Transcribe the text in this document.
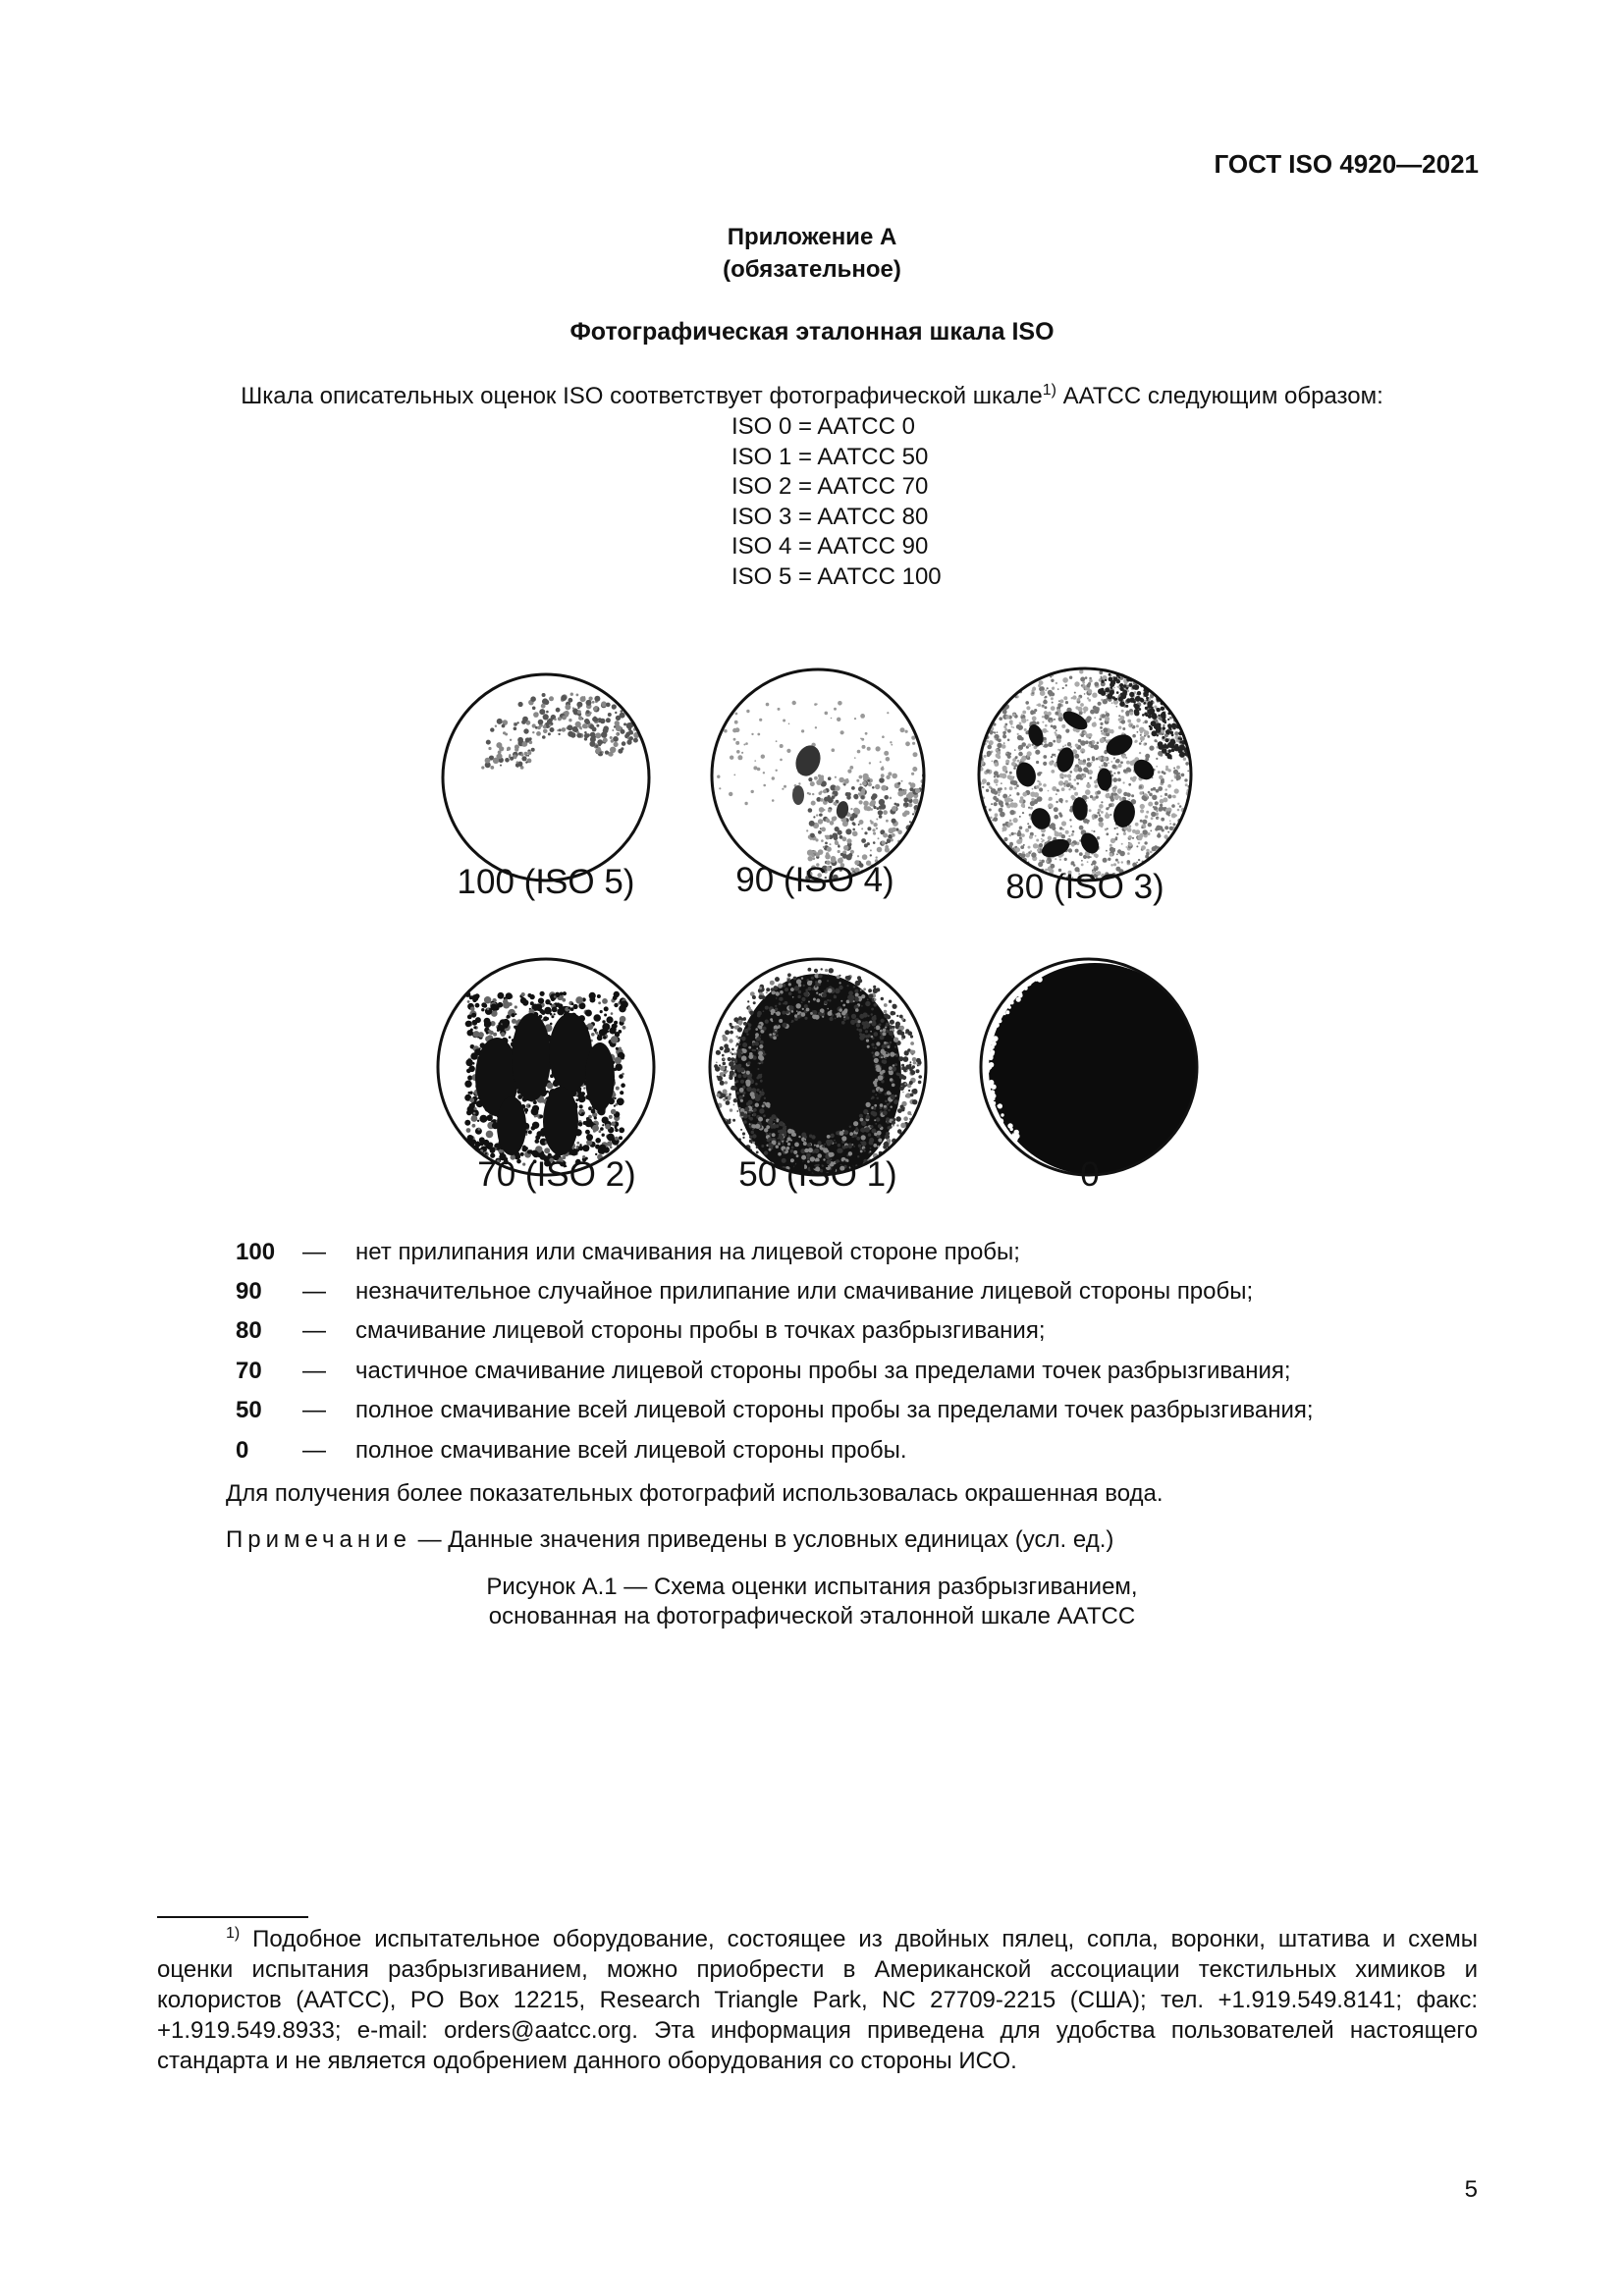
ГОСТ ISO 4920—2021
Приложение А
(обязательное)
Фотографическая эталонная шкала ISO
Шкала описательных оценок ISO соответствует фотографической шкале$^{1)}$ AATCC следующим образом:
ISO 0 = AATCC 0
ISO 1 = AATCC 50
ISO 2 = AATCC 70
ISO 3 = AATCC 80
ISO 4 = AATCC 90
ISO 5 = AATCC 100
100 (ISO 5)	90 (ISO 4)	80 (ISO 3)
70 (ISO 2)	50 (ISO 1)	0
100 — нет прилипания или смачивания на лицевой стороне пробы;
90 — незначительное случайное прилипание или смачивание лицевой стороны пробы;
80 — смачивание лицевой стороны пробы в точках разбрызгивания;
70 — частичное смачивание лицевой стороны пробы за пределами точек разбрызгивания;
50 — полное смачивание всей лицевой стороны пробы за пределами точек разбрызгивания;
0 — полное смачивание всей лицевой стороны пробы.
Для получения более показательных фотографий использовалась окрашенная вода.
Примечание — Данные значения приведены в условных единицах (усл. ед.)
Рисунок А.1 — Схема оценки испытания разбрызгиванием,
основанная на фотографической эталонной шкале AATCC
$^{1)}$ Подобное испытательное оборудование, состоящее из двойных пялец, сопла, воронки, штатива и схемы оценки испытания разбрызгиванием, можно приобрести в Американской ассоциации текстильных химиков и колористов (AATCC), PO Box 12215, Research Triangle Park, NC 27709-2215 (США); тел. +1.919.549.8141; факс: +1.919.549.8933; e-mail: orders@aatcc.org. Эта информация приведена для удобства пользователей настоящего стандарта и не является одобрением данного оборудования со стороны ИСО.
5
